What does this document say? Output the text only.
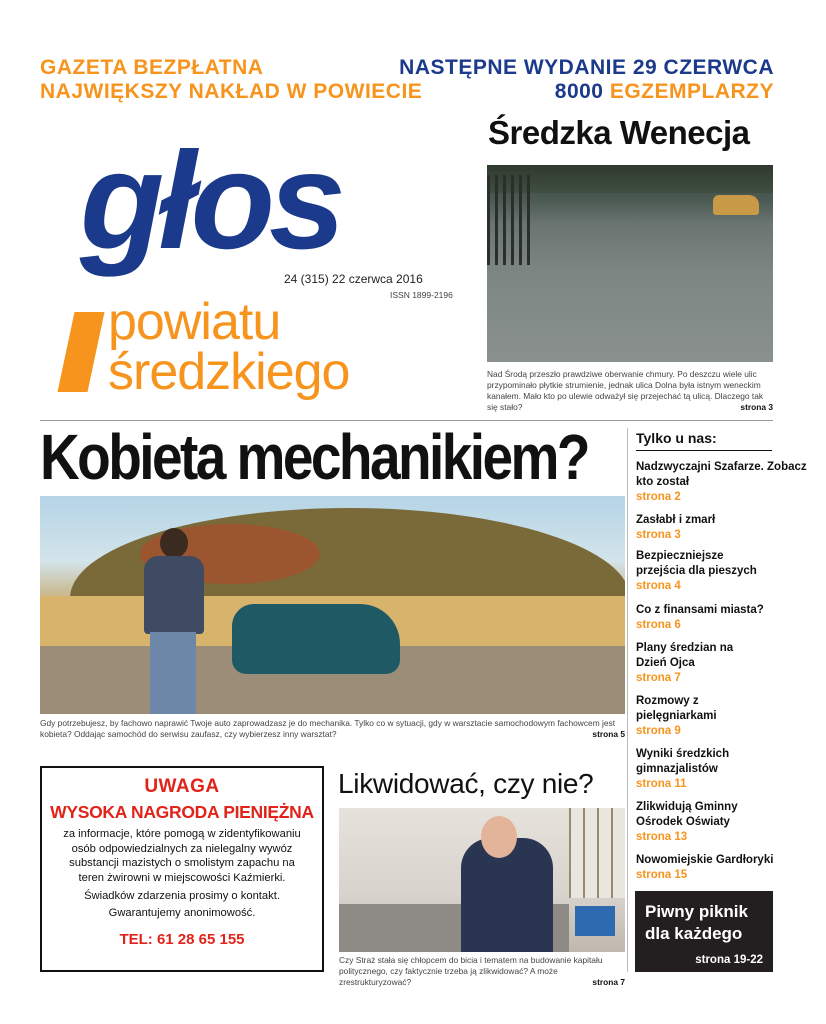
GAZETA BEZPŁATNA
NAJWIĘKSZY NAKŁAD W POWIECIE
NASTĘPNE WYDANIE 29 CZERWCA
8000 EGZEMPLARZY
głos
24 (315) 22 czerwca 2016
ISSN 1899-2196
powiatu
średzkiego
Średzka Wenecja
Nad Środą przeszło prawdziwe oberwanie chmury. Po deszczu wiele ulic przypominało płytkie strumienie, jednak ulica Dolna była istnym weneckim kanałem. Mało kto po ulewie odważył się przejechać tą ulicą. Dlaczego tak się stało?	strona 3
Kobieta mechanikiem?
Gdy potrzebujesz, by fachowo naprawić Twoje auto zaprowadzasz je do mechanika. Tylko co w sytuacji, gdy w warsztacie samochodowym fachowcem jest kobieta? Oddając samochód do serwisu zaufasz, czy wybierzesz inny warsztat?	strona 5
UWAGA
WYSOKA NAGRODA PIENIĘŻNA
za informacje, które pomogą w zidentyfikowaniu osób odpowiedzialnych za nielegalny wywóz substancji mazistych o smolistym zapachu na teren żwirowni w miejscowości Kaźmierki.
Świadków zdarzenia prosimy o kontakt.
Gwarantujemy anonimowość.
TEL: 61 28 65 155
Likwidować, czy nie?
Czy Straż stała się chłopcem do bicia i tematem na budowanie kapitału politycznego, czy faktycznie trzeba ją zlikwidować? A może zrestrukturyzować?	strona 7
Tylko u nas:
Nadzwyczajni Szafarze. Zobacz kto został
strona 2
Zasłabł i zmarł
strona 3
Bezpieczniejsze przejścia dla pieszych
strona 4
Co z finansami miasta?
strona 6
Plany średzian na Dzień Ojca
strona 7
Rozmowy z pielęgniarkami
strona 9
Wyniki średzkich gimnazjalistów
strona 11
Zlikwidują Gminny Ośrodek Oświaty
strona 13
Nowomiejskie Gardłoryki
strona 15
Piwny piknik dla każdego
strona 19-22
